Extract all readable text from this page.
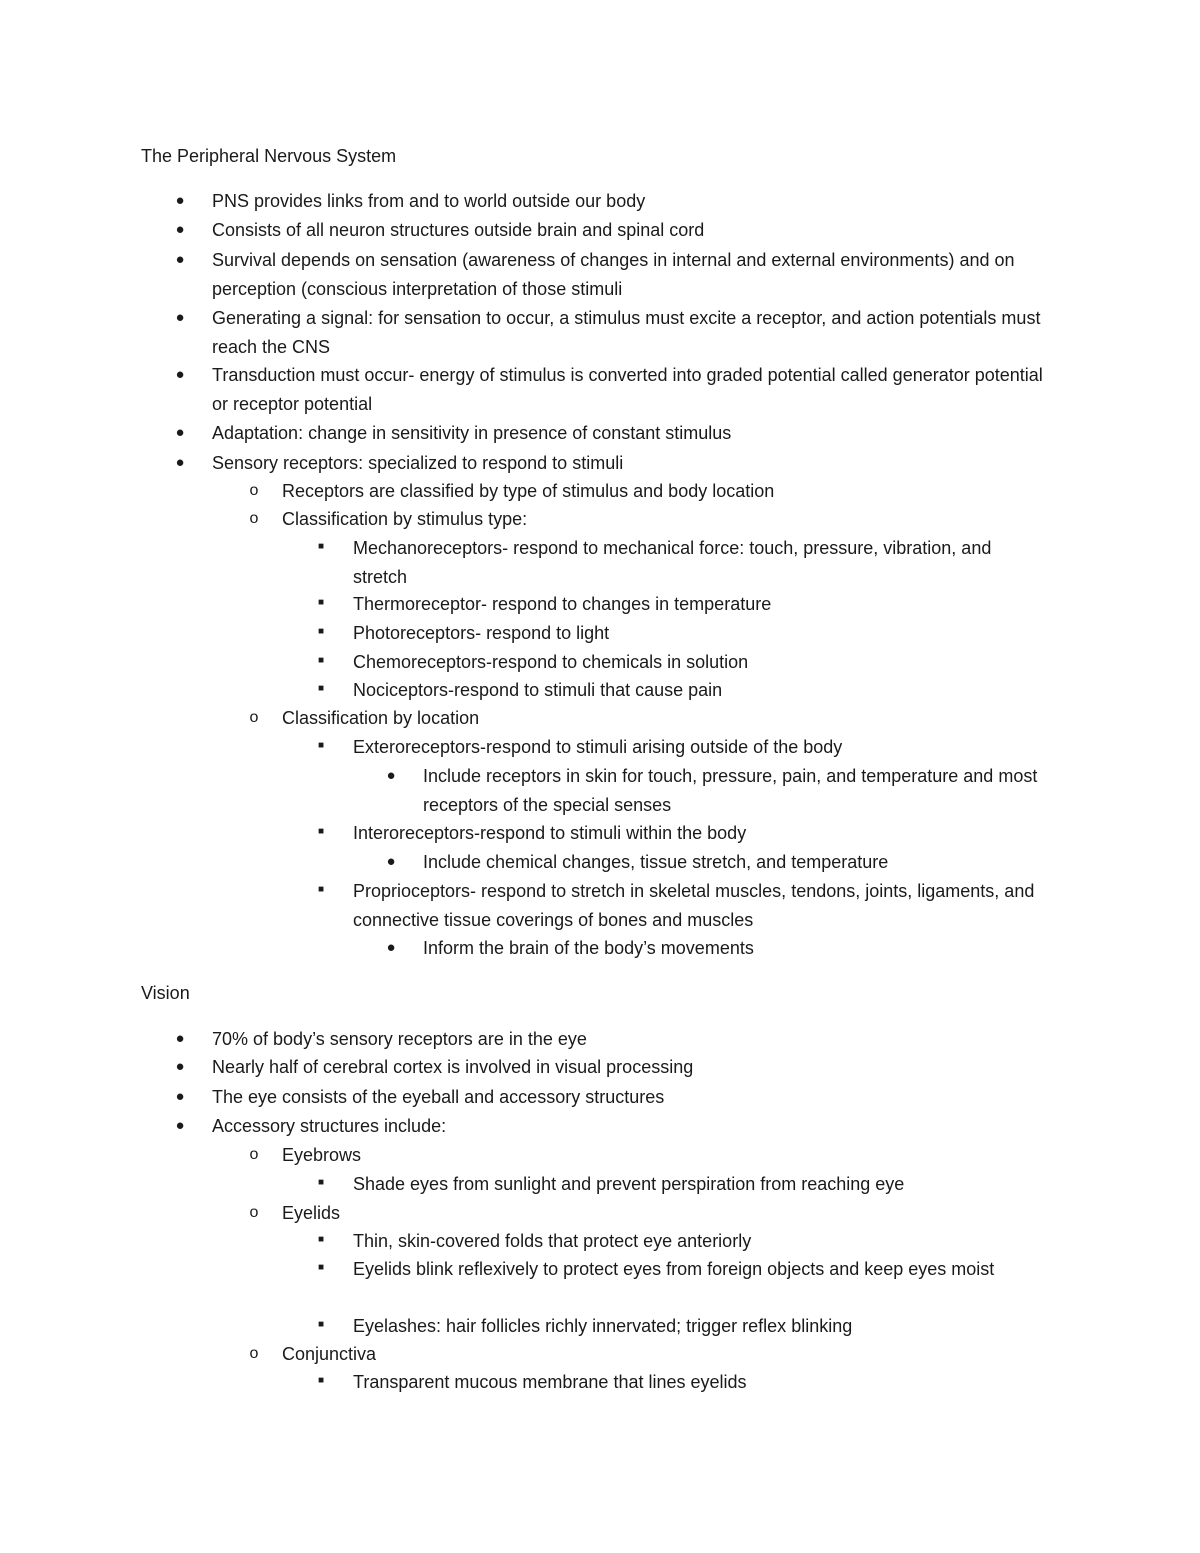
The Peripheral Nervous System
●	PNS provides links from and to world outside our body
●	Consists of all neuron structures outside brain and spinal cord
●	Survival depends on sensation (awareness of changes in internal and external environments) and on perception (conscious interpretation of those stimuli
●	Generating a signal: for sensation to occur, a stimulus must excite a receptor, and action potentials must reach the CNS
●	Transduction must occur- energy of stimulus is converted into graded potential called generator potential or receptor potential
●	Adaptation: change in sensitivity in presence of constant stimulus
●	Sensory receptors: specialized to respond to stimuli
o	Receptors are classified by type of stimulus and body location
o	Classification by stimulus type:
■	Mechanoreceptors- respond to mechanical force: touch, pressure, vibration, and stretch
■	Thermoreceptor- respond to changes in temperature
■	Photoreceptors- respond to light
■	Chemoreceptors-respond to chemicals in solution
■	Nociceptors-respond to stimuli that cause pain
o	Classification by location
■	Exteroreceptors-respond to stimuli arising outside of the body
●	Include receptors in skin for touch, pressure, pain, and temperature and most receptors of the special senses
■	Interoreceptors-respond to stimuli within the body
●	Include chemical changes, tissue stretch, and temperature
■	Proprioceptors- respond to stretch in skeletal muscles, tendons, joints, ligaments, and connective tissue coverings of bones and muscles
●	Inform the brain of the body’s movements
Vision
●	70% of body’s sensory receptors are in the eye
●	Nearly half of cerebral cortex is involved in visual processing
●	The eye consists of the eyeball and accessory structures
●	Accessory structures include:
o	Eyebrows
■	Shade eyes from sunlight and prevent perspiration from reaching eye
o	Eyelids
■	Thin, skin-covered folds that protect eye anteriorly
■	Eyelids blink reflexively to protect eyes from foreign objects and keep eyes moist
■	Eyelashes: hair follicles richly innervated; trigger reflex blinking
o	Conjunctiva
■	Transparent mucous membrane that lines eyelids
